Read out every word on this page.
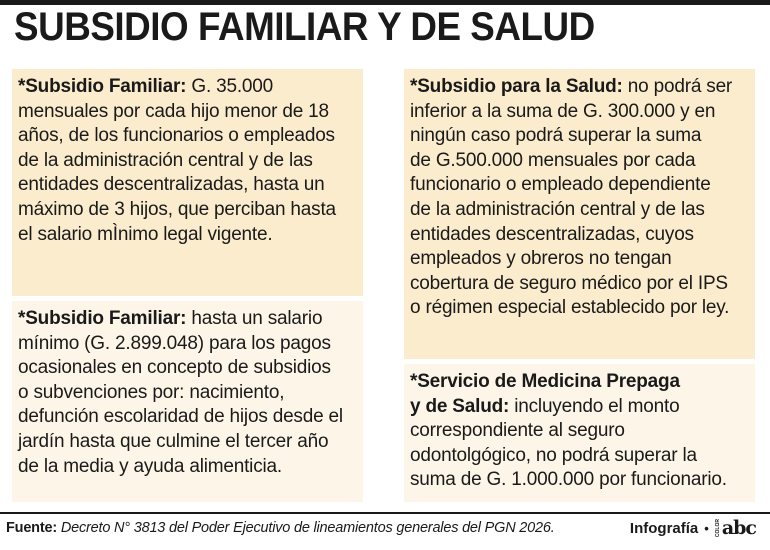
SUBSIDIO FAMILIAR Y DE SALUD

*Subsidio Familiar: G. 35.000
mensuales por cada hijo menor de 18
años, de los funcionarios o empleados
de la administración central y de las
entidades descentralizadas, hasta un
máximo de 3 hijos, que perciban hasta
el salario mÌnimo legal vigente.

*Subsidio Familiar: hasta un salario
mínimo (G. 2.899.048) para los pagos
ocasionales en concepto de subsidios
o subvenciones por: nacimiento,
defunción escolaridad de hijos desde el
jardín hasta que culmine el tercer año
de la media y ayuda alimenticia.

*Subsidio para la Salud: no podrá ser
inferior a la suma de G. 300.000 y en
ningún caso podrá superar la suma
de G.500.000 mensuales por cada
funcionario o empleado dependiente
de la administración central y de las
entidades descentralizadas, cuyos
empleados y obreros no tengan
cobertura de seguro médico por el IPS
o régimen especial establecido por ley.

*Servicio de Medicina Prepaga
y de Salud: incluyendo el monto
correspondiente al seguro
odontolgógico, no podrá superar la
suma de G. 1.000.000 por funcionario.

Fuente: Decreto N° 3813 del Poder Ejecutivo de lineamientos generales del PGN 2026.	Infografía • COLOR abc
